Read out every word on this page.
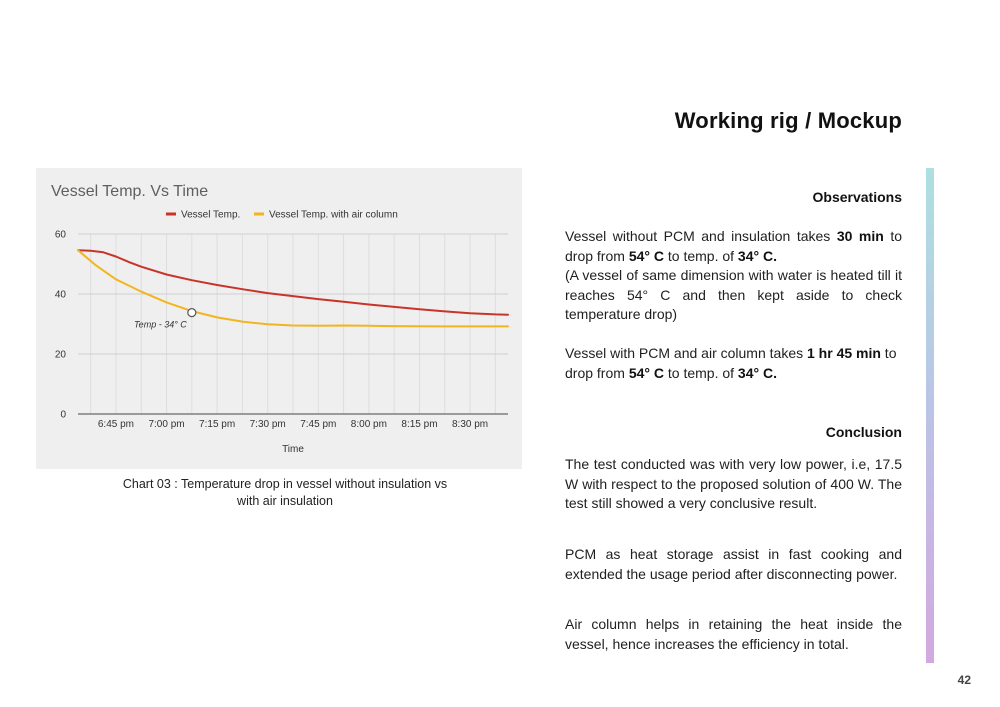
Working rig / Mockup
Vessel Temp. Vs Time
Vessel Temp.	Vessel Temp. with air column
0
20
40
60
6:45 pm 7:00 pm 7:15 pm 7:30 pm 7:45 pm 8:00 pm 8:15 pm 8:30 pm
Time
Temp - 34° C
Chart 03 : Temperature drop in vessel without insulation vs
with air insulation
Observations
Vessel without PCM and insulation takes 30 min to drop from 54° C to temp. of 34° C.
(A vessel of same dimension with water is heated till it reaches 54° C and then kept aside to check temperature drop)
Vessel with PCM and air column takes 1 hr 45 min to drop from 54° C to temp. of 34° C.
Conclusion
The test conducted was with very low power, i.e, 17.5 W with respect to the proposed solution of 400 W. The test still showed a very conclusive result.
PCM as heat storage assist in fast cooking and extended the usage period after disconnecting power.
Air column helps in retaining the heat inside the vessel, hence increases the efficiency in total.
42
